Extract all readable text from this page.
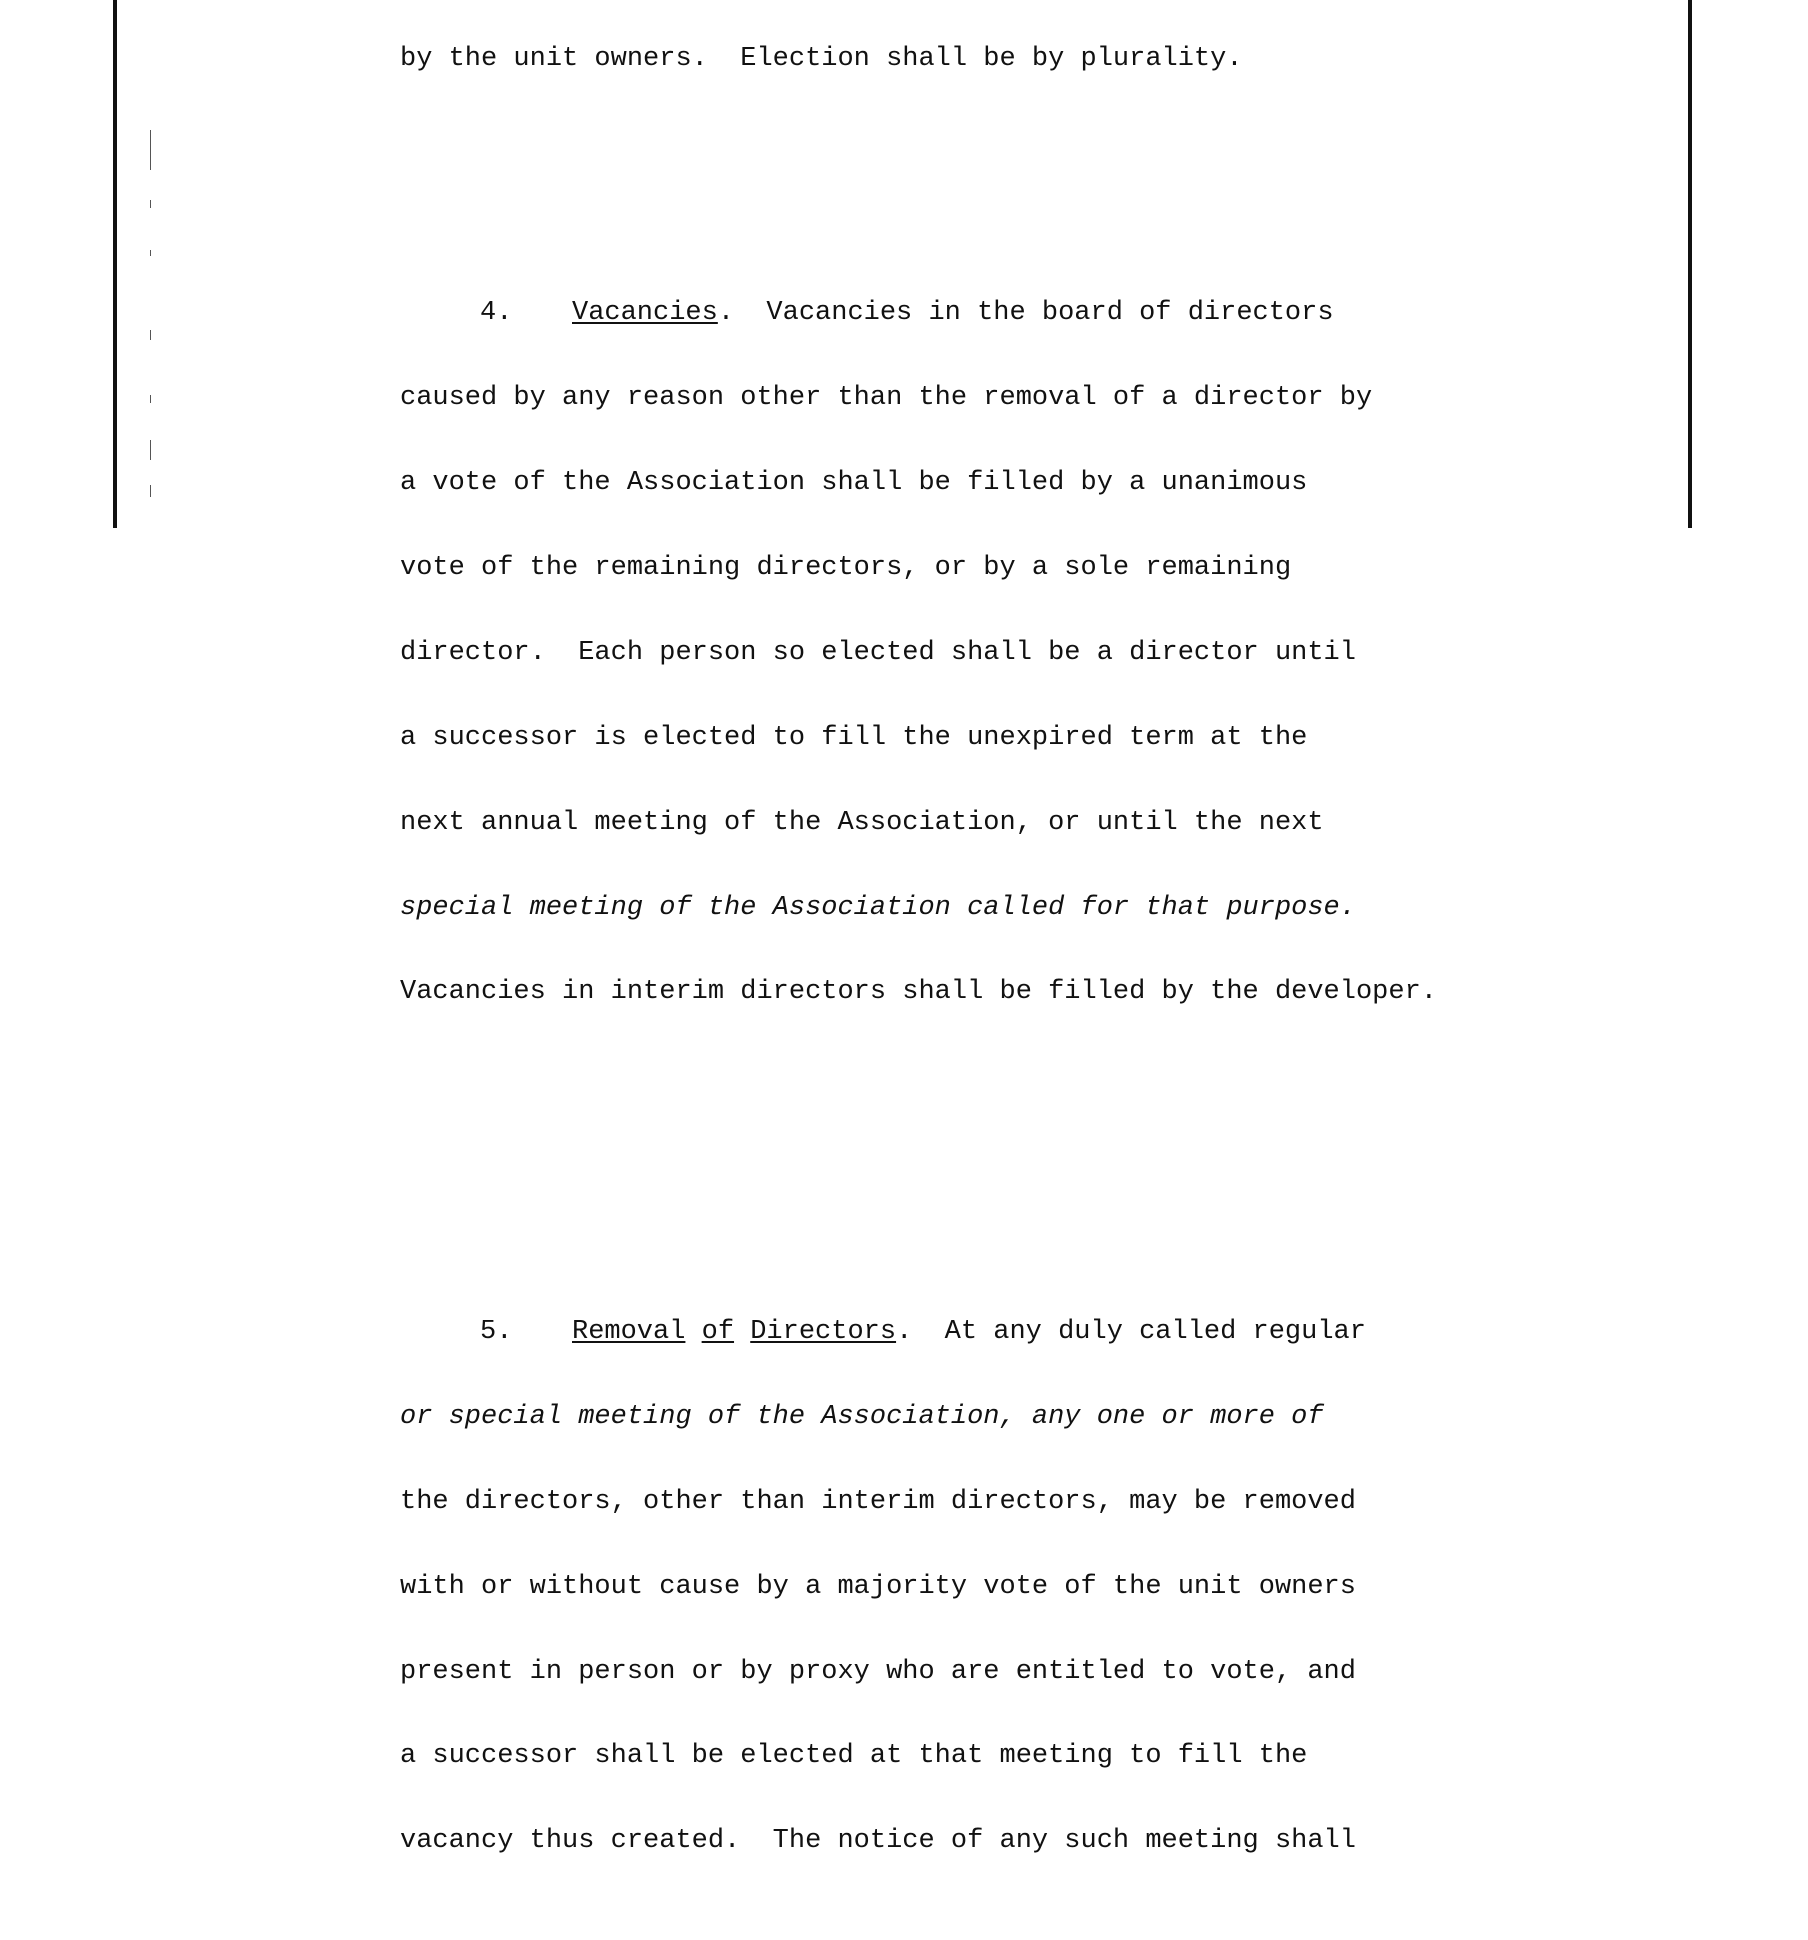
by the unit owners.  Election shall be by plurality.

4. Vacancies.  Vacancies in the board of directors

caused by any reason other than the removal of a director by

a vote of the Association shall be filled by a unanimous

vote of the remaining directors, or by a sole remaining

director.  Each person so elected shall be a director until

a successor is elected to fill the unexpired term at the

next annual meeting of the Association, or until the next

special meeting of the Association called for that purpose.

Vacancies in interim directors shall be filled by the developer.

5. Removal of Directors.  At any duly called regular

or special meeting of the Association, any one or more of

the directors, other than interim directors, may be removed

with or without cause by a majority vote of the unit owners

present in person or by proxy who are entitled to vote, and

a successor shall be elected at that meeting to fill the

vacancy thus created.  The notice of any such meeting shall
